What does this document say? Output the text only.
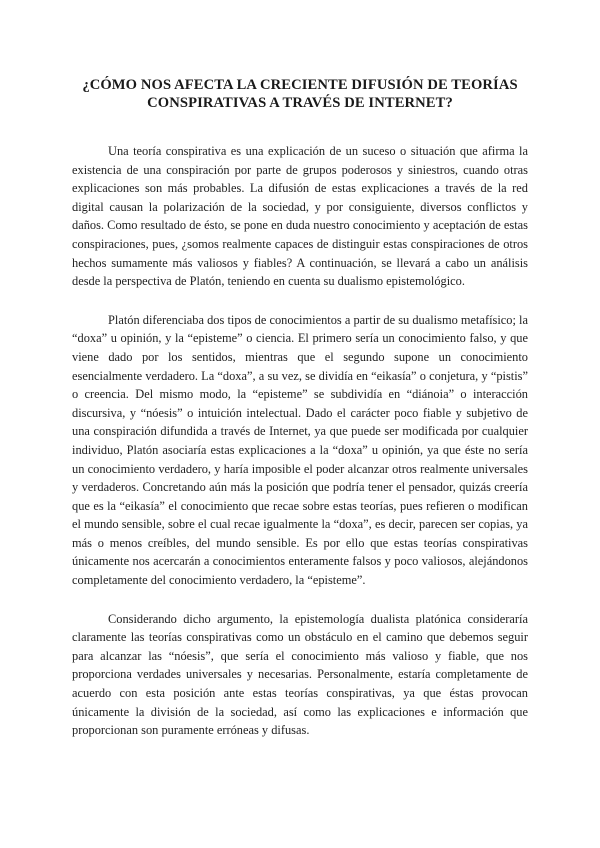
¿CÓMO NOS AFECTA LA CRECIENTE DIFUSIÓN DE TEORÍAS
CONSPIRATIVAS A TRAVÉS DE INTERNET?

Una teoría conspirativa es una explicación de un suceso o situación que afirma la existencia de una conspiración por parte de grupos poderosos y siniestros, cuando otras explicaciones son más probables. La difusión de estas explicaciones a través de la red digital causan la polarización de la sociedad, y por consiguiente, diversos conflictos y daños. Como resultado de ésto, se pone en duda nuestro conocimiento y aceptación de estas conspiraciones, pues, ¿somos realmente capaces de distinguir estas conspiraciones de otros hechos sumamente más valiosos y fiables? A continuación, se llevará a cabo un análisis desde la perspectiva de Platón, teniendo en cuenta su dualismo epistemológico.

Platón diferenciaba dos tipos de conocimientos a partir de su dualismo metafísico; la “doxa” u opinión, y la “episteme” o ciencia. El primero sería un conocimiento falso, y que viene dado por los sentidos, mientras que el segundo supone un conocimiento esencialmente verdadero. La “doxa”, a su vez, se dividía en “eikasía” o conjetura, y “pistis” o creencia. Del mismo modo, la “episteme” se subdividía en “diánoia” o interacción discursiva, y “nóesis” o intuición intelectual. Dado el carácter poco fiable y subjetivo de una conspiración difundida a través de Internet, ya que puede ser modificada por cualquier individuo, Platón asociaría estas explicaciones a la “doxa” u opinión, ya que éste no sería un conocimiento verdadero, y haría imposible el poder alcanzar otros realmente universales y verdaderos. Concretando aún más la posición que podría tener el pensador, quizás creería que es la “eikasía” el conocimiento que recae sobre estas teorías, pues refieren o modifican el mundo sensible, sobre el cual recae igualmente la “doxa”, es decir, parecen ser copias, ya más o menos creíbles, del mundo sensible. Es por ello que estas teorías conspirativas únicamente nos acercarán a conocimientos enteramente falsos y poco valiosos, alejándonos completamente del conocimiento verdadero, la “episteme”.

Considerando dicho argumento, la epistemología dualista platónica consideraría claramente las teorías conspirativas como un obstáculo en el camino que debemos seguir para alcanzar las “nóesis”, que sería el conocimiento más valioso y fiable, que nos proporciona verdades universales y necesarias. Personalmente, estaría completamente de acuerdo con esta posición ante estas teorías conspirativas, ya que éstas provocan únicamente la división de la sociedad, así como las explicaciones e información que proporcionan son puramente erróneas y difusas.
